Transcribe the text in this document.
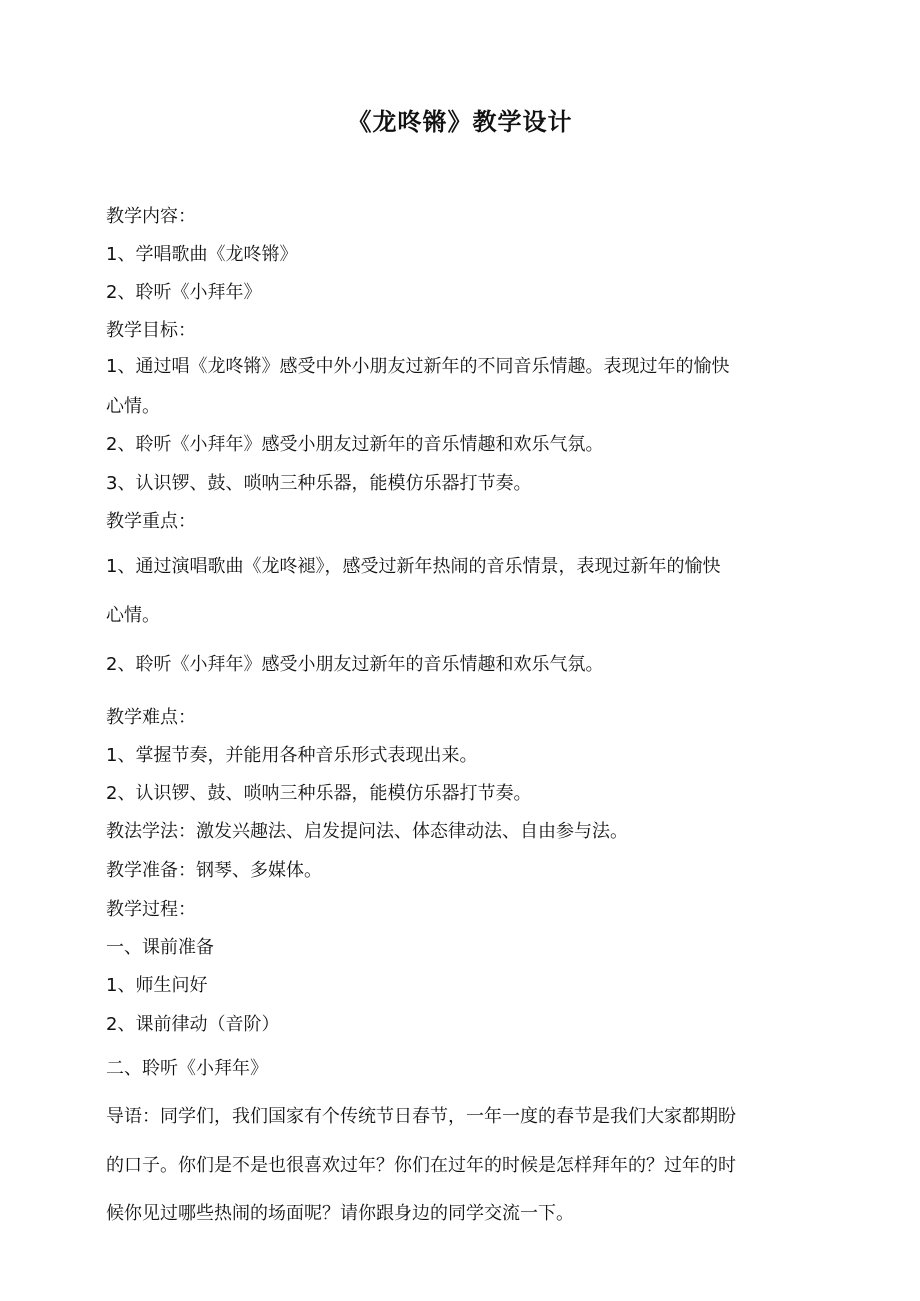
《龙咚锵》教学设计
教学内容：
1、学唱歌曲《龙咚锵》
2、聆听《小拜年》
教学目标：
1、通过唱《龙咚锵》感受中外小朋友过新年的不同音乐情趣。表现过年的愉快
心情。
2、聆听《小拜年》感受小朋友过新年的音乐情趣和欢乐气氛。
3、认识锣、鼓、唢呐三种乐器，能模仿乐器打节奏。
教学重点：
1、通过演唱歌曲《龙咚褪》，感受过新年热闹的音乐情景，表现过新年的愉快
心情。
2、聆听《小拜年》感受小朋友过新年的音乐情趣和欢乐气氛。
教学难点：
1、掌握节奏，并能用各种音乐形式表现出来。
2、认识锣、鼓、唢呐三种乐器，能模仿乐器打节奏。
教法学法：激发兴趣法、启发提问法、体态律动法、自由参与法。
教学准备：钢琴、多媒体。
教学过程：
一、课前准备
1、师生问好
2、课前律动（音阶）
二、聆听《小拜年》
导语：同学们，我们国家有个传统节日春节，一年一度的春节是我们大家都期盼
的口子。你们是不是也很喜欢过年？你们在过年的时候是怎样拜年的？过年的时
候你见过哪些热闹的场面呢？请你跟身边的同学交流一下。
